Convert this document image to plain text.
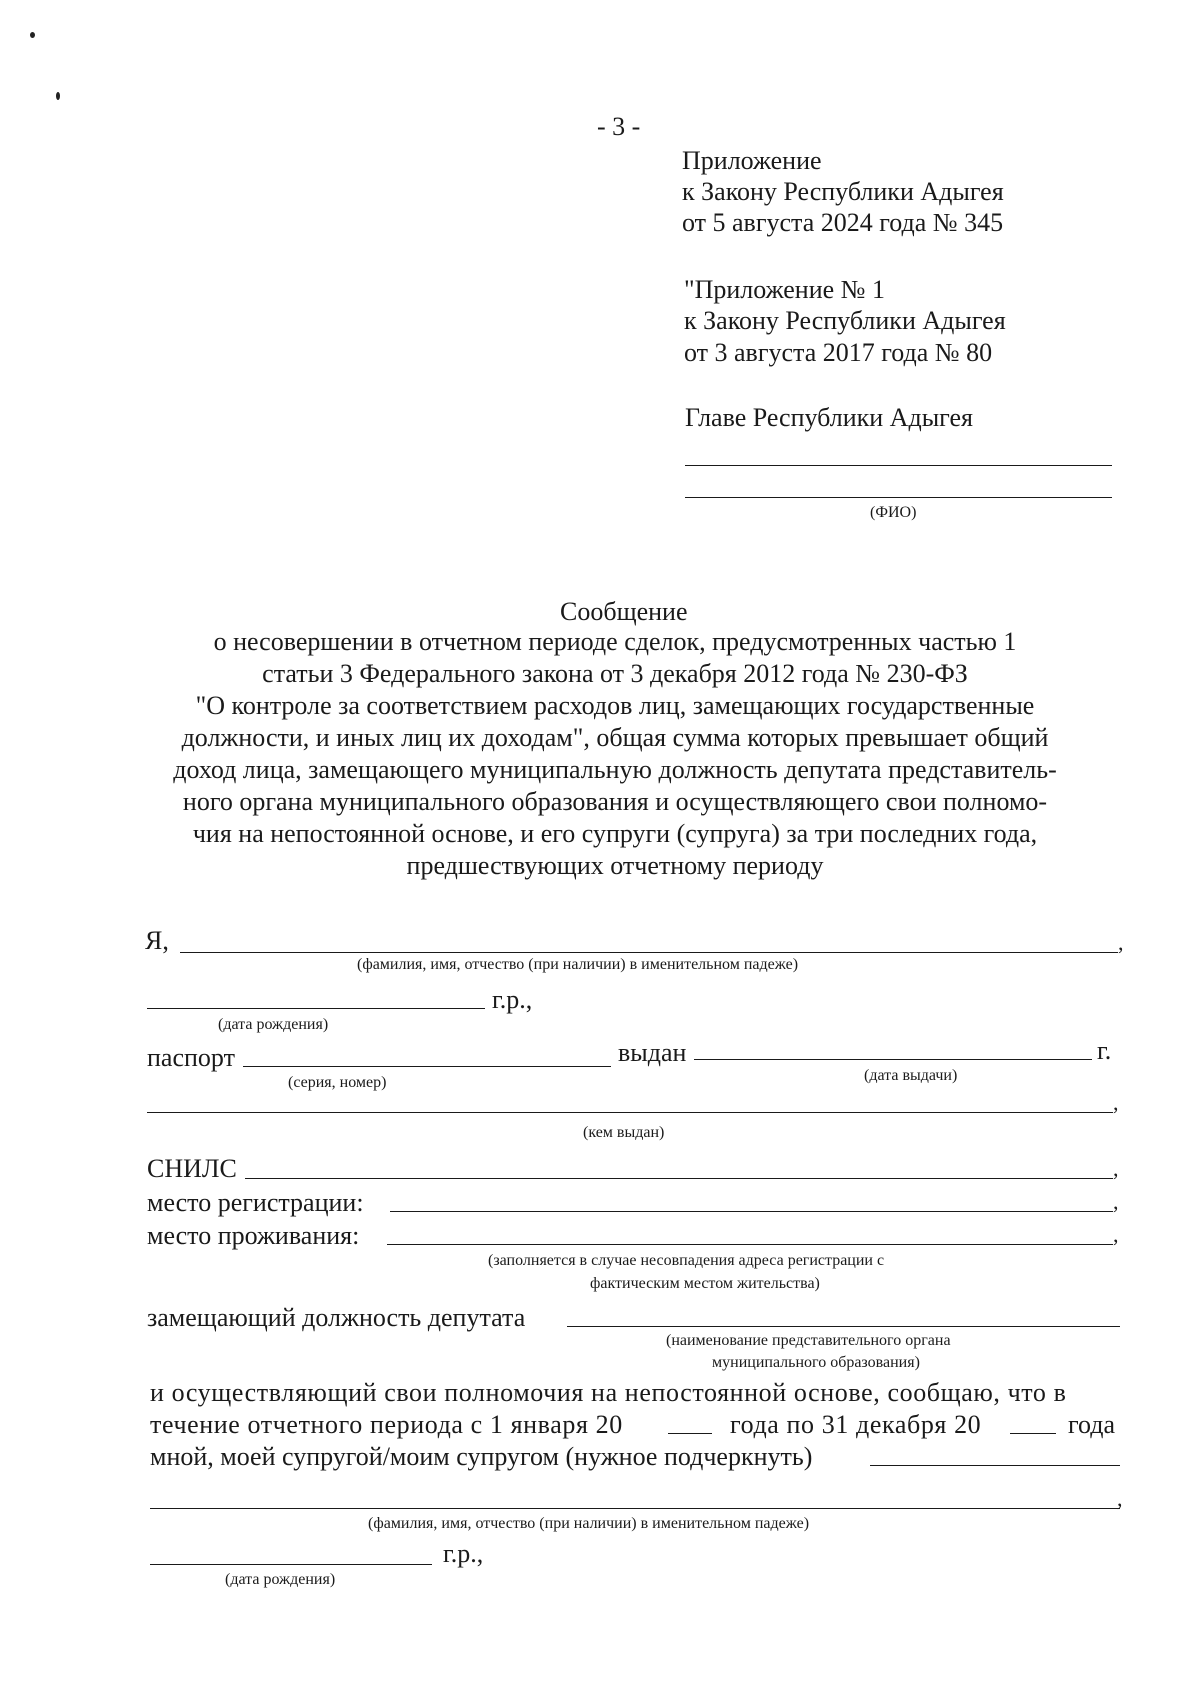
- 3 -
Приложение
к Закону Республики Адыгея
от 5 августа 2024 года № 345
"Приложение № 1
к Закону Республики Адыгея
от 3 августа 2017 года № 80
Главе Республики Адыгея
(ФИО)
Сообщение
о несовершении в отчетном периоде сделок, предусмотренных частью 1
статьи 3 Федерального закона от 3 декабря 2012 года № 230-ФЗ
"О контроле за соответствием расходов лиц, замещающих государственные
должности, и иных лиц их доходам", общая сумма которых превышает общий
доход лица, замещающего муниципальную должность депутата представитель-
ного органа муниципального образования и осуществляющего свои полномо-
чия на непостоянной основе, и его супруги (супруга) за три последних года,
предшествующих отчетному периоду
Я,	,
(фамилия, имя, отчество (при наличии) в именительном падеже)
г.р.,
(дата рождения)
паспорт	выдан	г.
(серия, номер)	(дата выдачи)
,
(кем выдан)
СНИЛС	,
место регистрации:	,
место проживания:	,
(заполняется в случае несовпадения адреса регистрации с
фактическим местом жительства)
замещающий должность депутата
(наименование представительного органа
муниципального образования)
и осуществляющий свои полномочия на непостоянной основе, сообщаю, что в
течение отчетного периода с 1 января 20	года по 31 декабря 20	года
мной, моей супругой/моим супругом (нужное подчеркнуть)
,
(фамилия, имя, отчество (при наличии) в именительном падеже)
г.р.,
(дата рождения)
